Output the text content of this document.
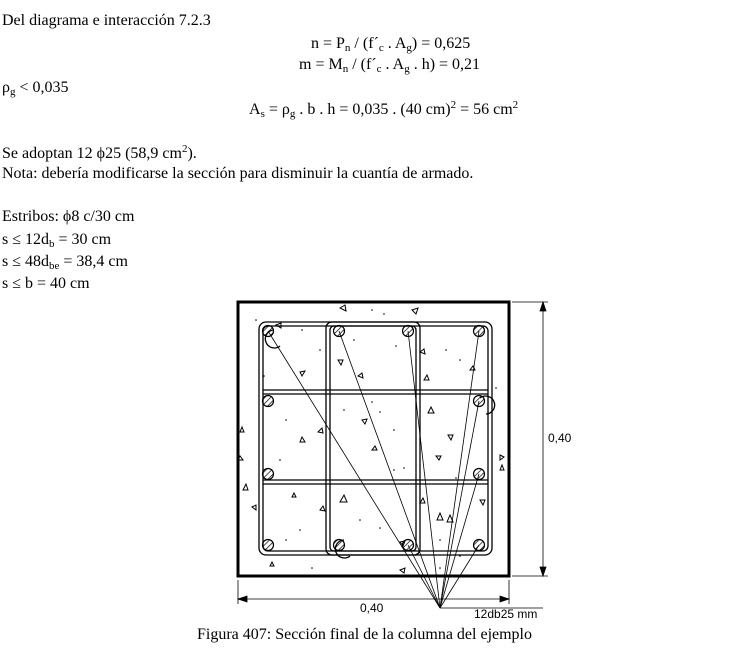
Del diagrama e interacción 7.2.3
$n = P_n$ / ($f´_c$ . $A_g) = 0,625$
$m = M_n$ / ($f´_c$ . $A_g$ . h) = 0,21
$\rho_g < 0,035$
$A_s = \rho_g$ . b . h = 0,035 . (40 cm)$^2$ = 56 $cm^2$
Se adoptan 12 ϕ25 (58,9 $cm^2$).
Nota: debería modificarse la sección para disminuir la cuantía de armado.
Estribos: ϕ8 c/30 cm
$s \le 12d_b = 30$ cm
$s \le 48d_{be} = 38,4$ cm
s ≤ b = 40 cm
0,40
0,40	12db25 mm
Figura 407: Sección final de la columna del ejemplo
